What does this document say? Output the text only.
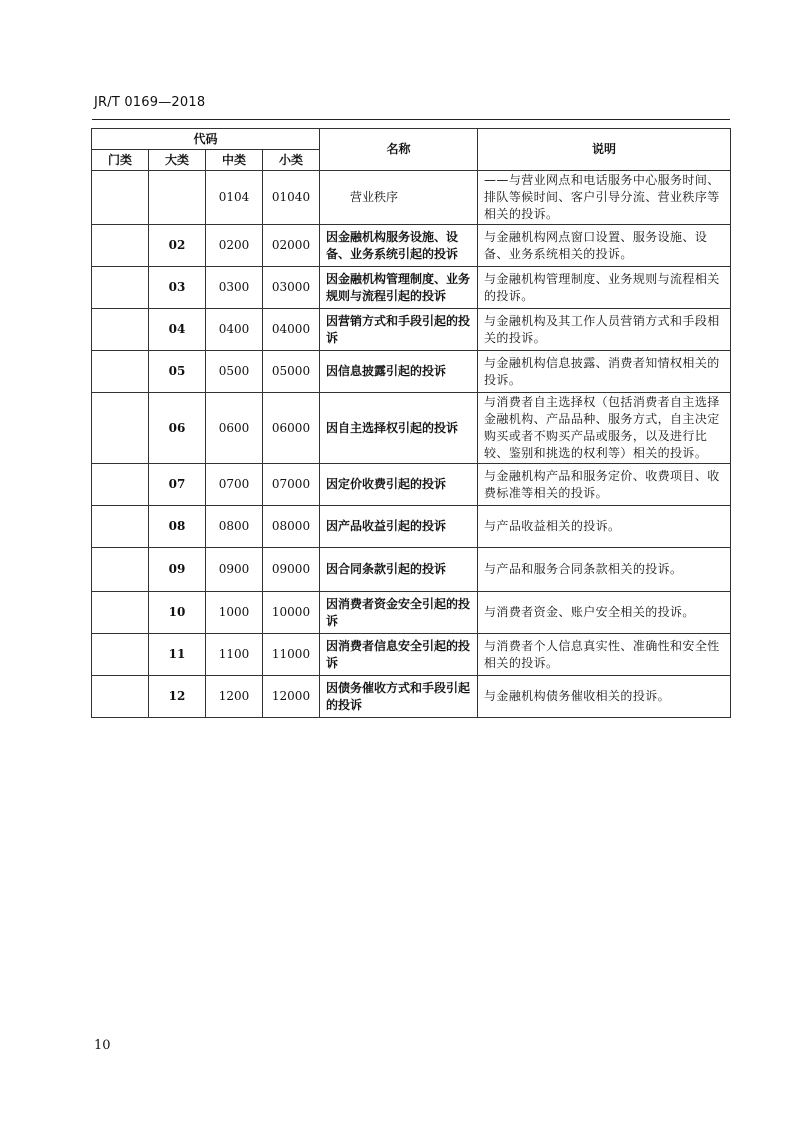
JR/T 0169—2018
代码				名称	说明
门类	大类	中类	小类		
		0104	01040	营业秩序	——与营业网点和电话服务中心服务时间、排队等候时间、客户引导分流、营业秩序等相关的投诉。
	02	0200	02000	因金融机构服务设施、设备、业务系统引起的投诉	与金融机构网点窗口设置、服务设施、设备、业务系统相关的投诉。
	03	0300	03000	因金融机构管理制度、业务规则与流程引起的投诉	与金融机构管理制度、业务规则与流程相关的投诉。
	04	0400	04000	因营销方式和手段引起的投诉	与金融机构及其工作人员营销方式和手段相关的投诉。
	05	0500	05000	因信息披露引起的投诉	与金融机构信息披露、消费者知情权相关的投诉。
	06	0600	06000	因自主选择权引起的投诉	与消费者自主选择权（包括消费者自主选择金融机构、产品品种、服务方式，自主决定购买或者不购买产品或服务，以及进行比较、鉴别和挑选的权利等）相关的投诉。
	07	0700	07000	因定价收费引起的投诉	与金融机构产品和服务定价、收费项目、收费标准等相关的投诉。
	08	0800	08000	因产品收益引起的投诉	与产品收益相关的投诉。
	09	0900	09000	因合同条款引起的投诉	与产品和服务合同条款相关的投诉。
	10	1000	10000	因消费者资金安全引起的投诉	与消费者资金、账户安全相关的投诉。
	11	1100	11000	因消费者信息安全引起的投诉	与消费者个人信息真实性、准确性和安全性相关的投诉。
	12	1200	12000	因债务催收方式和手段引起的投诉	与金融机构债务催收相关的投诉。
10
